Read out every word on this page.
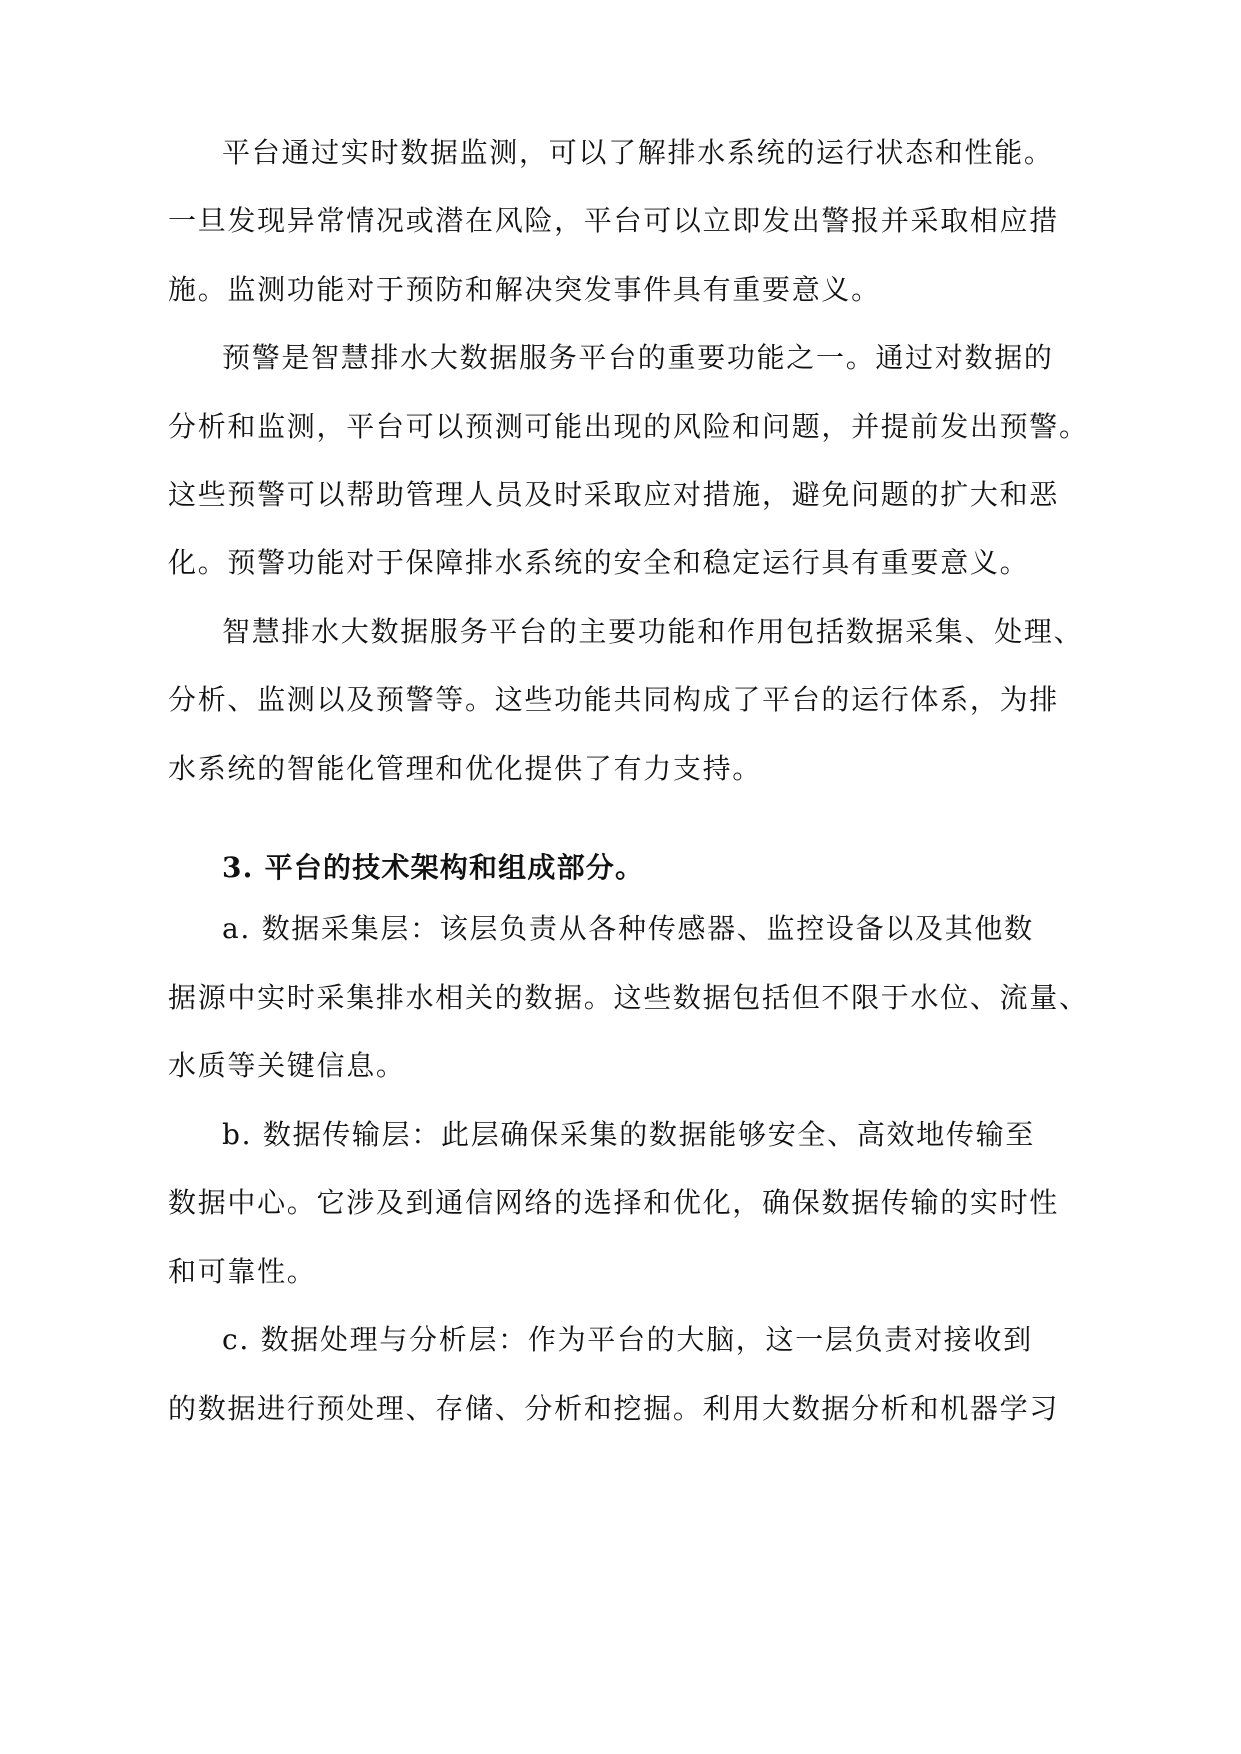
平台通过实时数据监测，可以了解排水系统的运行状态和性能。
一旦发现异常情况或潜在风险，平台可以立即发出警报并采取相应措
施。监测功能对于预防和解决突发事件具有重要意义。
预警是智慧排水大数据服务平台的重要功能之一。通过对数据的
分析和监测，平台可以预测可能出现的风险和问题，并提前发出预警。
这些预警可以帮助管理人员及时采取应对措施，避免问题的扩大和恶
化。预警功能对于保障排水系统的安全和稳定运行具有重要意义。
智慧排水大数据服务平台的主要功能和作用包括数据采集、处理、
分析、监测以及预警等。这些功能共同构成了平台的运行体系，为排
水系统的智能化管理和优化提供了有力支持。
3. 平台的技术架构和组成部分。
a. 数据采集层：该层负责从各种传感器、监控设备以及其他数
据源中实时采集排水相关的数据。这些数据包括但不限于水位、流量、
水质等关键信息。
b. 数据传输层：此层确保采集的数据能够安全、高效地传输至
数据中心。它涉及到通信网络的选择和优化，确保数据传输的实时性
和可靠性。
c. 数据处理与分析层：作为平台的大脑，这一层负责对接收到
的数据进行预处理、存储、分析和挖掘。利用大数据分析和机器学习
